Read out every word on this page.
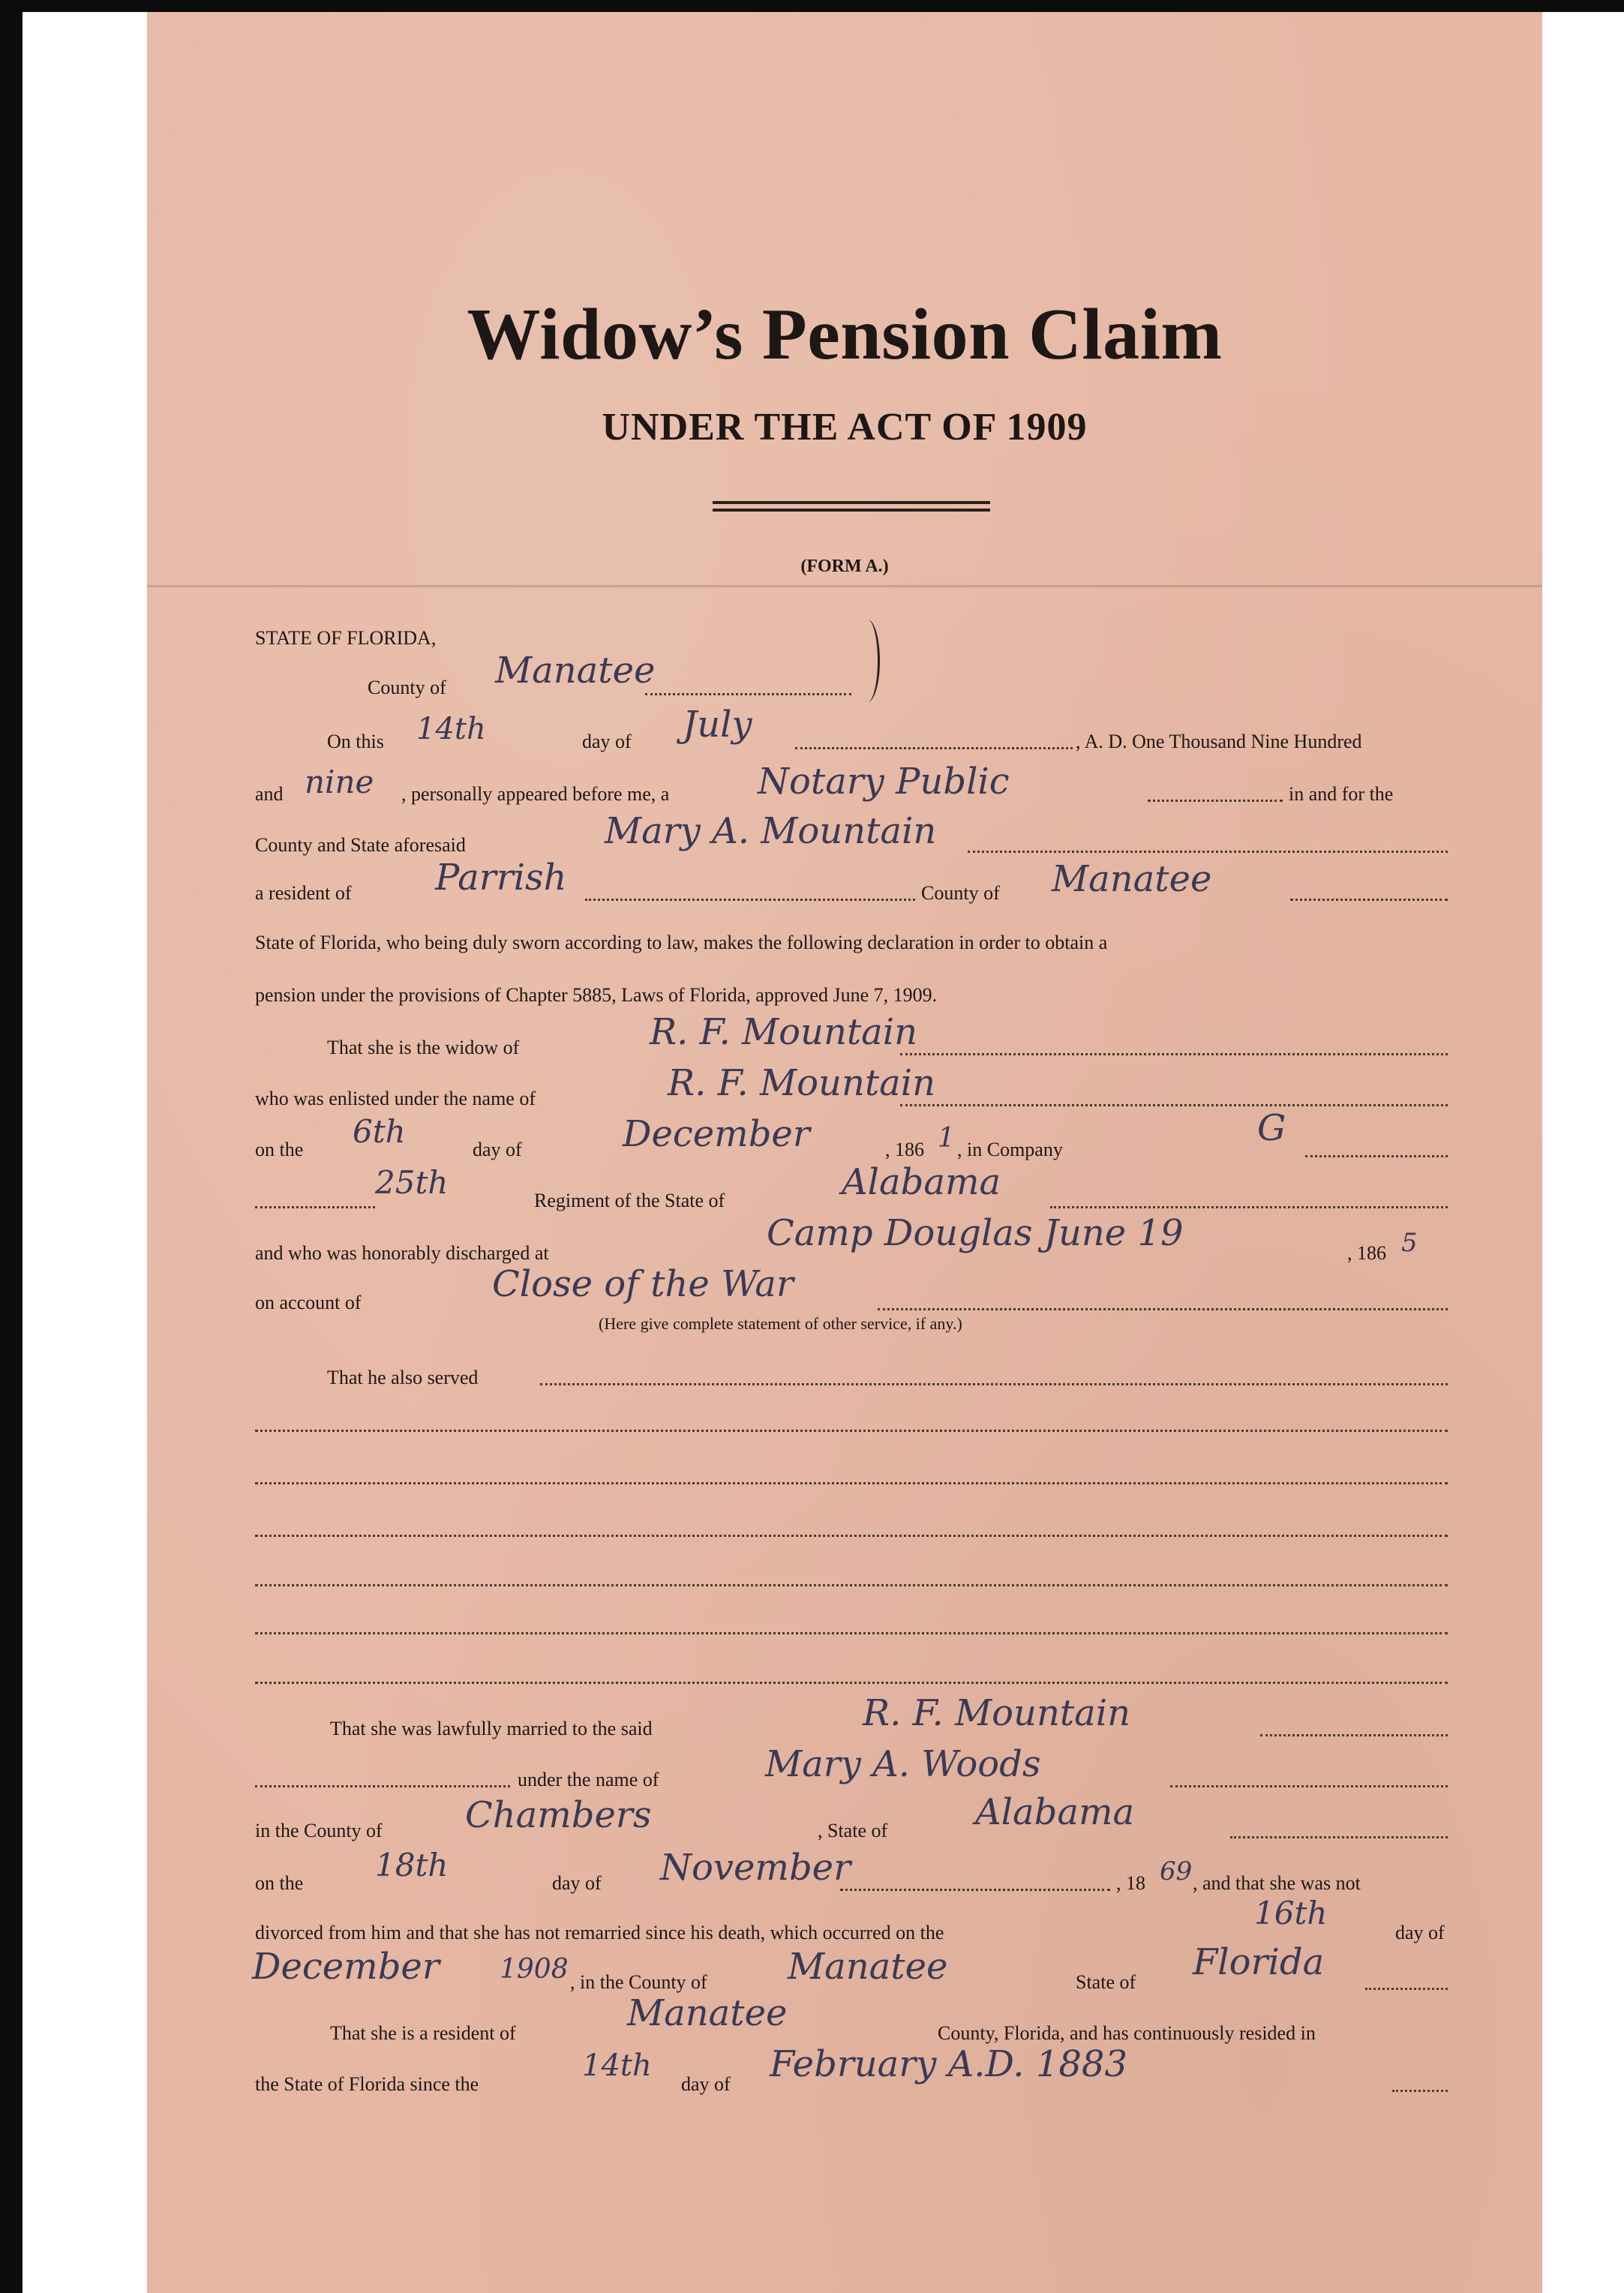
Widow’s Pension Claim
UNDER THE ACT OF 1909
(FORM A.)
STATE OF FLORIDA,
County of Manatee
On this 14th	day of July	, A. D. One Thousand Nine Hundred
and nine , personally appeared before me, a Notary Public	in and for the
County and State aforesaid	Mary A. Mountain
a resident of Parrish	County of Manatee
State of Florida, who being duly sworn according to law, makes the following declaration in order to obtain a
pension under the provisions of Chapter 5885, Laws of Florida, approved June 7, 1909.
That she is the widow of	R. F. Mountain
who was enlisted under the name of	R. F. Mountain
on the 6th	day of	December	, 186 1 , in Company
G
25th	Regiment of the State of	Alabama
and who was honorably discharged at	Camp Douglas June 19	, 186 5
on account of	Close of the War
(Here give complete statement of other service, if any.)
That he also served
That she was lawfully married to the said	R. F. Mountain
under the name of	Mary A. Woods
in the County of Chambers	, State of Alabama
on the 18th	day of November	, 18 69 , and that she was not
divorced from him and that she has not remarried since his death, which occurred on the
16th
day of
December 1908 , in the County of Manatee	State of Florida
That she is a resident of	Manatee	County, Florida, and has continuously resided in
the State of Florida since the
14th
day of February A.D. 1883
